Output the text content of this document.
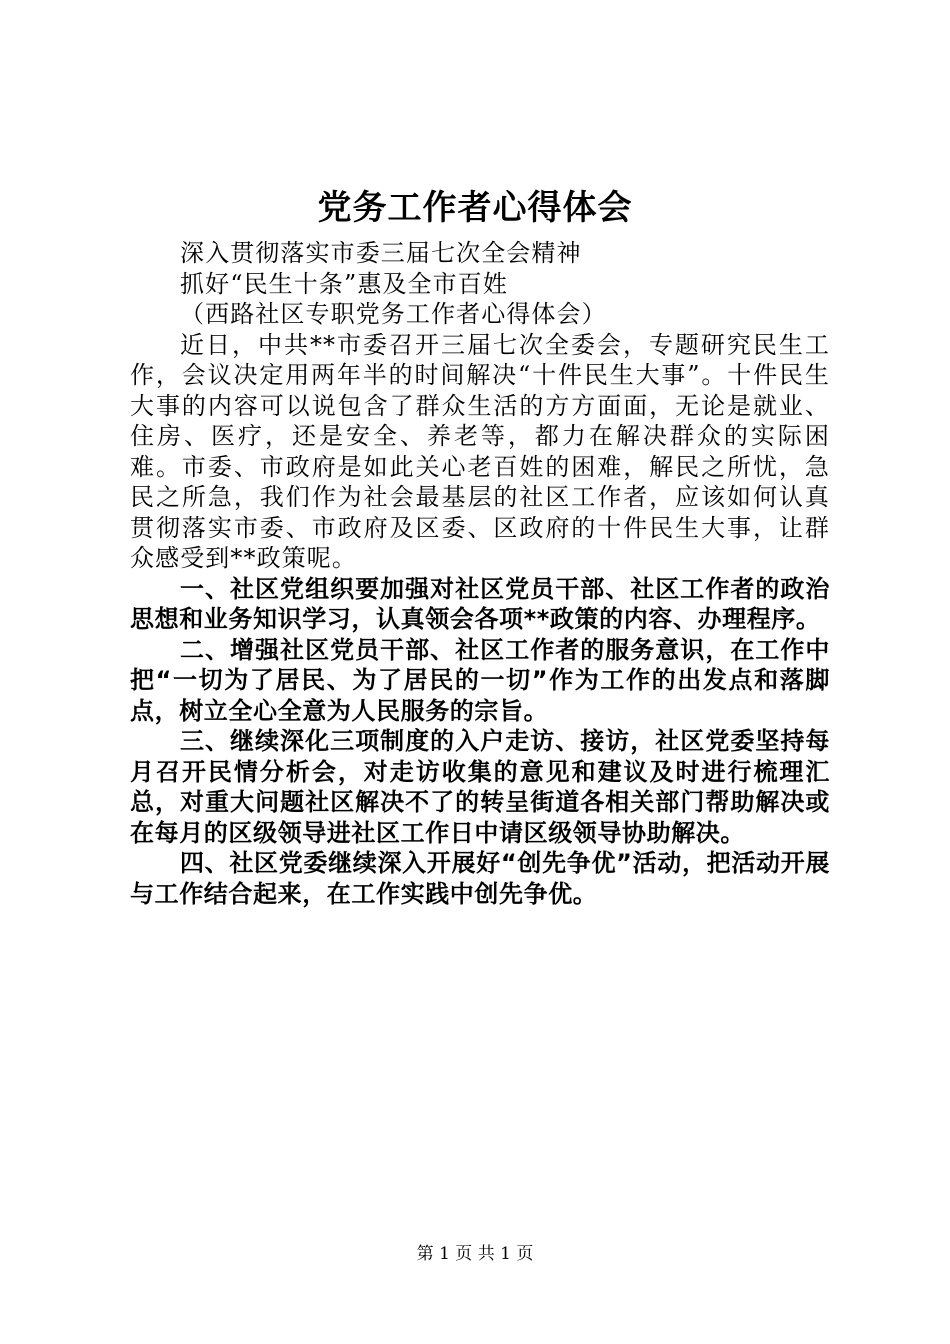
党务工作者心得体会

深入贯彻落实市委三届七次全会精神

抓好“民生十条”惠及全市百姓

（西路社区专职党务工作者心得体会）

近日，中共**市委召开三届七次全委会，专题研究民生工作，会议决定用两年半的时间解决“十件民生大事”。十件民生大事的内容可以说包含了群众生活的方方面面，无论是就业、住房、医疗，还是安全、养老等，都力在解决群众的实际困难。市委、市政府是如此关心老百姓的困难，解民之所忧，急民之所急，我们作为社会最基层的社区工作者，应该如何认真贯彻落实市委、市政府及区委、区政府的十件民生大事，让群众感受到**政策呢。

一、社区党组织要加强对社区党员干部、社区工作者的政治思想和业务知识学习，认真领会各项**政策的内容、办理程序。

二、增强社区党员干部、社区工作者的服务意识，在工作中把“一切为了居民、为了居民的一切”作为工作的出发点和落脚点，树立全心全意为人民服务的宗旨。

三、继续深化三项制度的入户走访、接访，社区党委坚持每月召开民情分析会，对走访收集的意见和建议及时进行梳理汇总，对重大问题社区解决不了的转呈街道各相关部门帮助解决或在每月的区级领导进社区工作日中请区级领导协助解决。

四、社区党委继续深入开展好“创先争优”活动，把活动开展与工作结合起来，在工作实践中创先争优。

第 1 页 共 1 页
